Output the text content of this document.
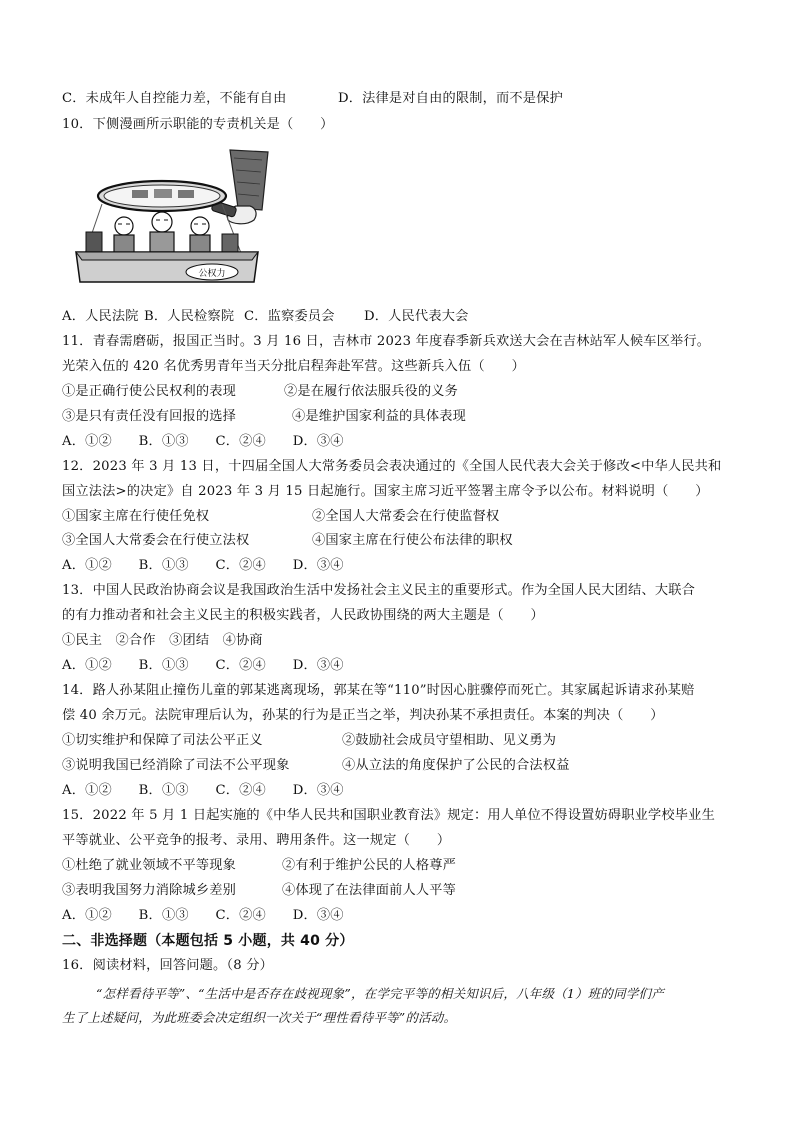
C．未成年人自控能力差，不能有自由	D．法律是对自由的限制，而不是保护
10．下侧漫画所示职能的专责机关是（　　）
公权力
A．人民法院 B．人民检察院 C．监察委员会 D．人民代表大会
11．青春需磨砺，报国正当时。3 月 16 日，吉林市 2023 年度春季新兵欢送大会在吉林站军人候车区举行。
光荣入伍的 420 名优秀男青年当天分批启程奔赴军营。这些新兵入伍（　　）
①是正确行使公民权利的表现	②是在履行依法服兵役的义务
③是只有责任没有回报的选择	④是维护国家利益的具体表现
A．①②　　B．①③　　C．②④　　D．③④
12．2023 年 3 月 13 日，十四届全国人大常务委员会表决通过的《全国人民代表大会关于修改<中华人民共和
国立法法>的决定》自 2023 年 3 月 15 日起施行。国家主席习近平签署主席令予以公布。材料说明（　　）
①国家主席在行使任免权	②全国人大常委会在行使监督权
③全国人大常委会在行使立法权	④国家主席在行使公布法律的职权
A．①②　　B．①③　　C．②④　　D．③④
13．中国人民政治协商会议是我国政治生活中发扬社会主义民主的重要形式。作为全国人民大团结、大联合
的有力推动者和社会主义民主的积极实践者，人民政协围绕的两大主题是（　　）
①民主　②合作　③团结　④协商
A．①②　　B．①③　　C．②④　　D．③④
14．路人孙某阻止撞伤儿童的郭某逃离现场，郭某在等“110”时因心脏骤停而死亡。其家属起诉请求孙某赔
偿 40 余万元。法院审理后认为，孙某的行为是正当之举，判决孙某不承担责任。本案的判决（　　）
①切实维护和保障了司法公平正义	②鼓励社会成员守望相助、见义勇为
③说明我国已经消除了司法不公平现象	④从立法的角度保护了公民的合法权益
A．①②　　B．①③　　C．②④　　D．③④
15．2022 年 5 月 1 日起实施的《中华人民共和国职业教育法》规定：用人单位不得设置妨碍职业学校毕业生
平等就业、公平竞争的报考、录用、聘用条件。这一规定（　　）
①杜绝了就业领域不平等现象	②有利于维护公民的人格尊严
③表明我国努力消除城乡差别	④体现了在法律面前人人平等
A．①②　　B．①③　　C．②④　　D．③④
二、非选择题（本题包括 5 小题，共 40 分）
16．阅读材料，回答问题。（8 分）
“怎样看待平等”、“生活中是否存在歧视现象”，在学完平等的相关知识后，八年级（1）班的同学们产
生了上述疑问，为此班委会决定组织一次关于“理性看待平等”的活动。
